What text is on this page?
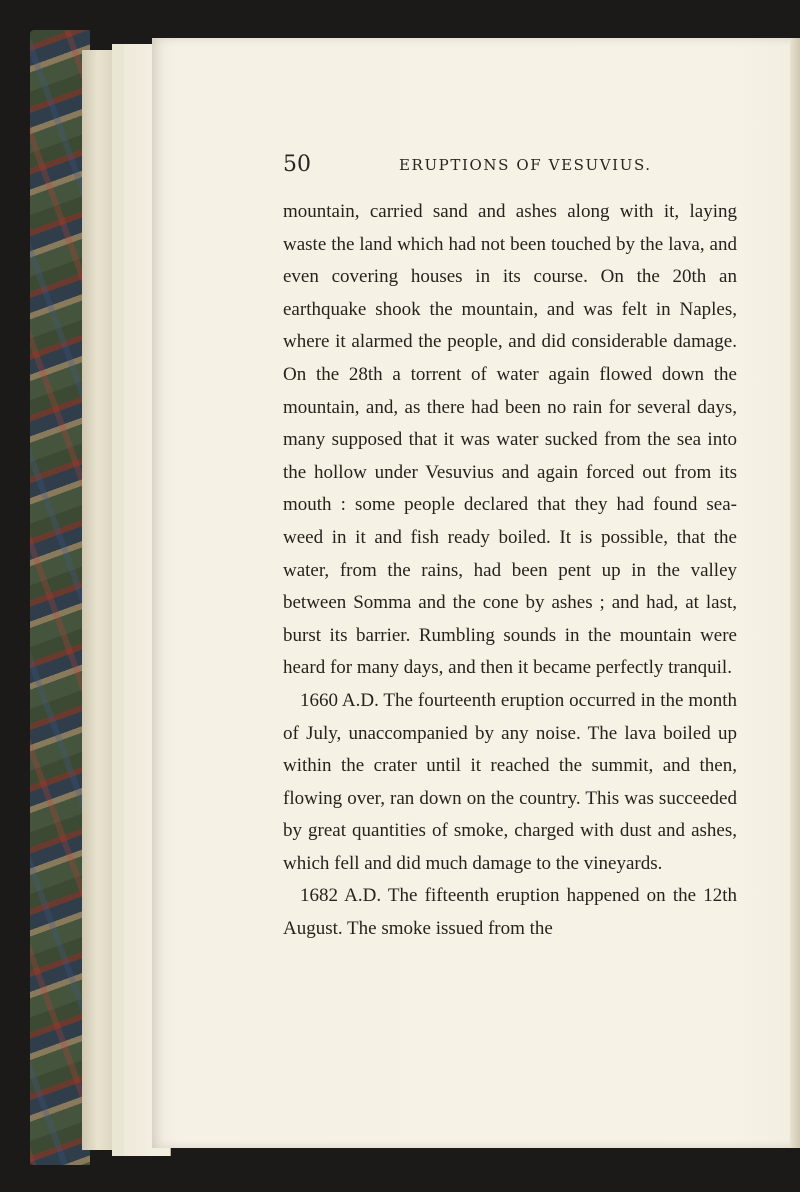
50	ERUPTIONS OF VESUVIUS.

mountain, carried sand and ashes along with it, laying waste the land which had not been touched by the lava, and even covering houses in its course. On the 20th an earthquake shook the mountain, and was felt in Naples, where it alarmed the people, and did considerable damage. On the 28th a torrent of water again flowed down the mountain, and, as there had been no rain for several days, many supposed that it was water sucked from the sea into the hollow under Vesuvius and again forced out from its mouth : some people declared that they had found sea-weed in it and fish ready boiled. It is possible, that the water, from the rains, had been pent up in the valley between Somma and the cone by ashes ; and had, at last, burst its barrier. Rumbling sounds in the mountain were heard for many days, and then it became perfectly tranquil.

1660 A.D. The fourteenth eruption occurred in the month of July, unaccompanied by any noise. The lava boiled up within the crater until it reached the summit, and then, flowing over, ran down on the country. This was succeeded by great quantities of smoke, charged with dust and ashes, which fell and did much damage to the vineyards.

1682 A.D. The fifteenth eruption happened on the 12th August. The smoke issued from the
